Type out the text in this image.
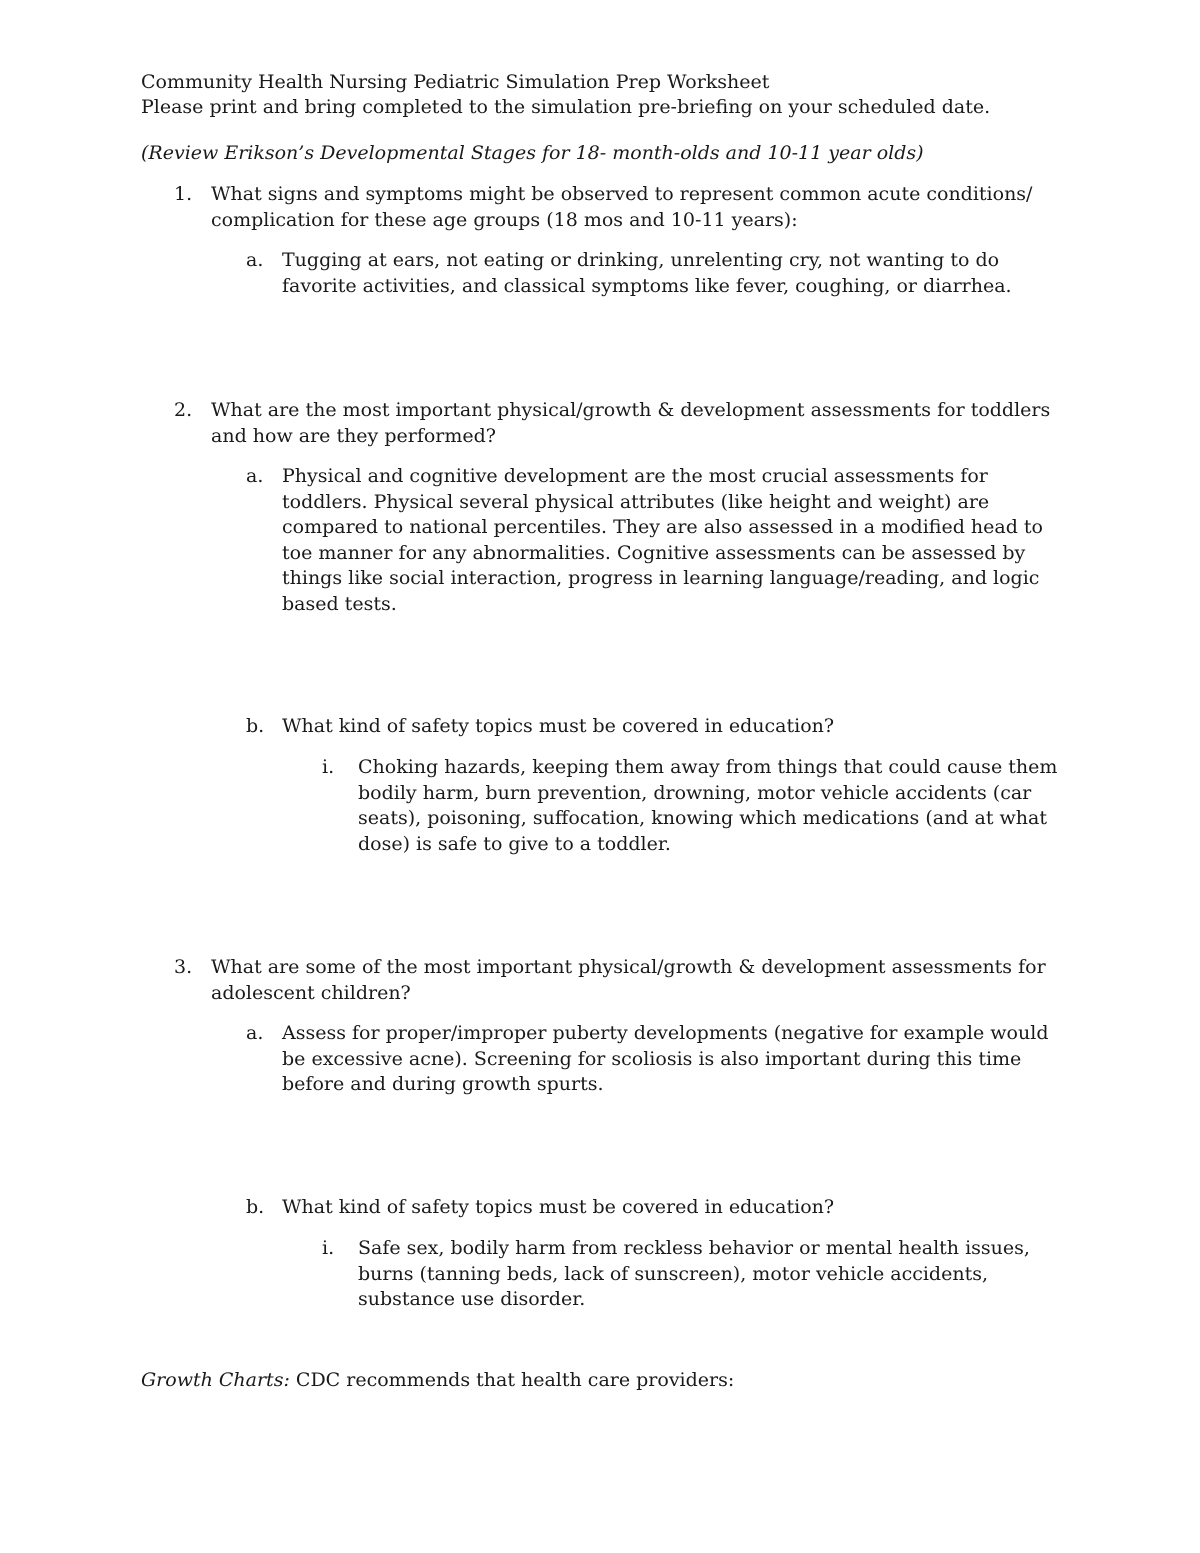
Community Health Nursing Pediatric Simulation Prep Worksheet
Please print and bring completed to the simulation pre-briefing on your scheduled date.
(Review Erikson’s Developmental Stages for 18- month-olds and 10-11 year olds)
1. What signs and symptoms might be observed to represent common acute conditions/ complication for these age groups (18 mos and 10-11 years):
a. Tugging at ears, not eating or drinking, unrelenting cry, not wanting to do favorite activities, and classical symptoms like fever, coughing, or diarrhea.
2. What are the most important physical/growth & development assessments for toddlers and how are they performed?
a. Physical and cognitive development are the most crucial assessments for toddlers. Physical several physical attributes (like height and weight) are compared to national percentiles. They are also assessed in a modified head to toe manner for any abnormalities. Cognitive assessments can be assessed by things like social interaction, progress in learning language/reading, and logic based tests.
b. What kind of safety topics must be covered in education?
i. Choking hazards, keeping them away from things that could cause them bodily harm, burn prevention, drowning, motor vehicle accidents (car seats), poisoning, suffocation, knowing which medications (and at what dose) is safe to give to a toddler.
3. What are some of the most important physical/growth & development assessments for adolescent children?
a. Assess for proper/improper puberty developments (negative for example would be excessive acne). Screening for scoliosis is also important during this time before and during growth spurts.
b. What kind of safety topics must be covered in education?
i. Safe sex, bodily harm from reckless behavior or mental health issues, burns (tanning beds, lack of sunscreen), motor vehicle accidents, substance use disorder.
Growth Charts: CDC recommends that health care providers:
